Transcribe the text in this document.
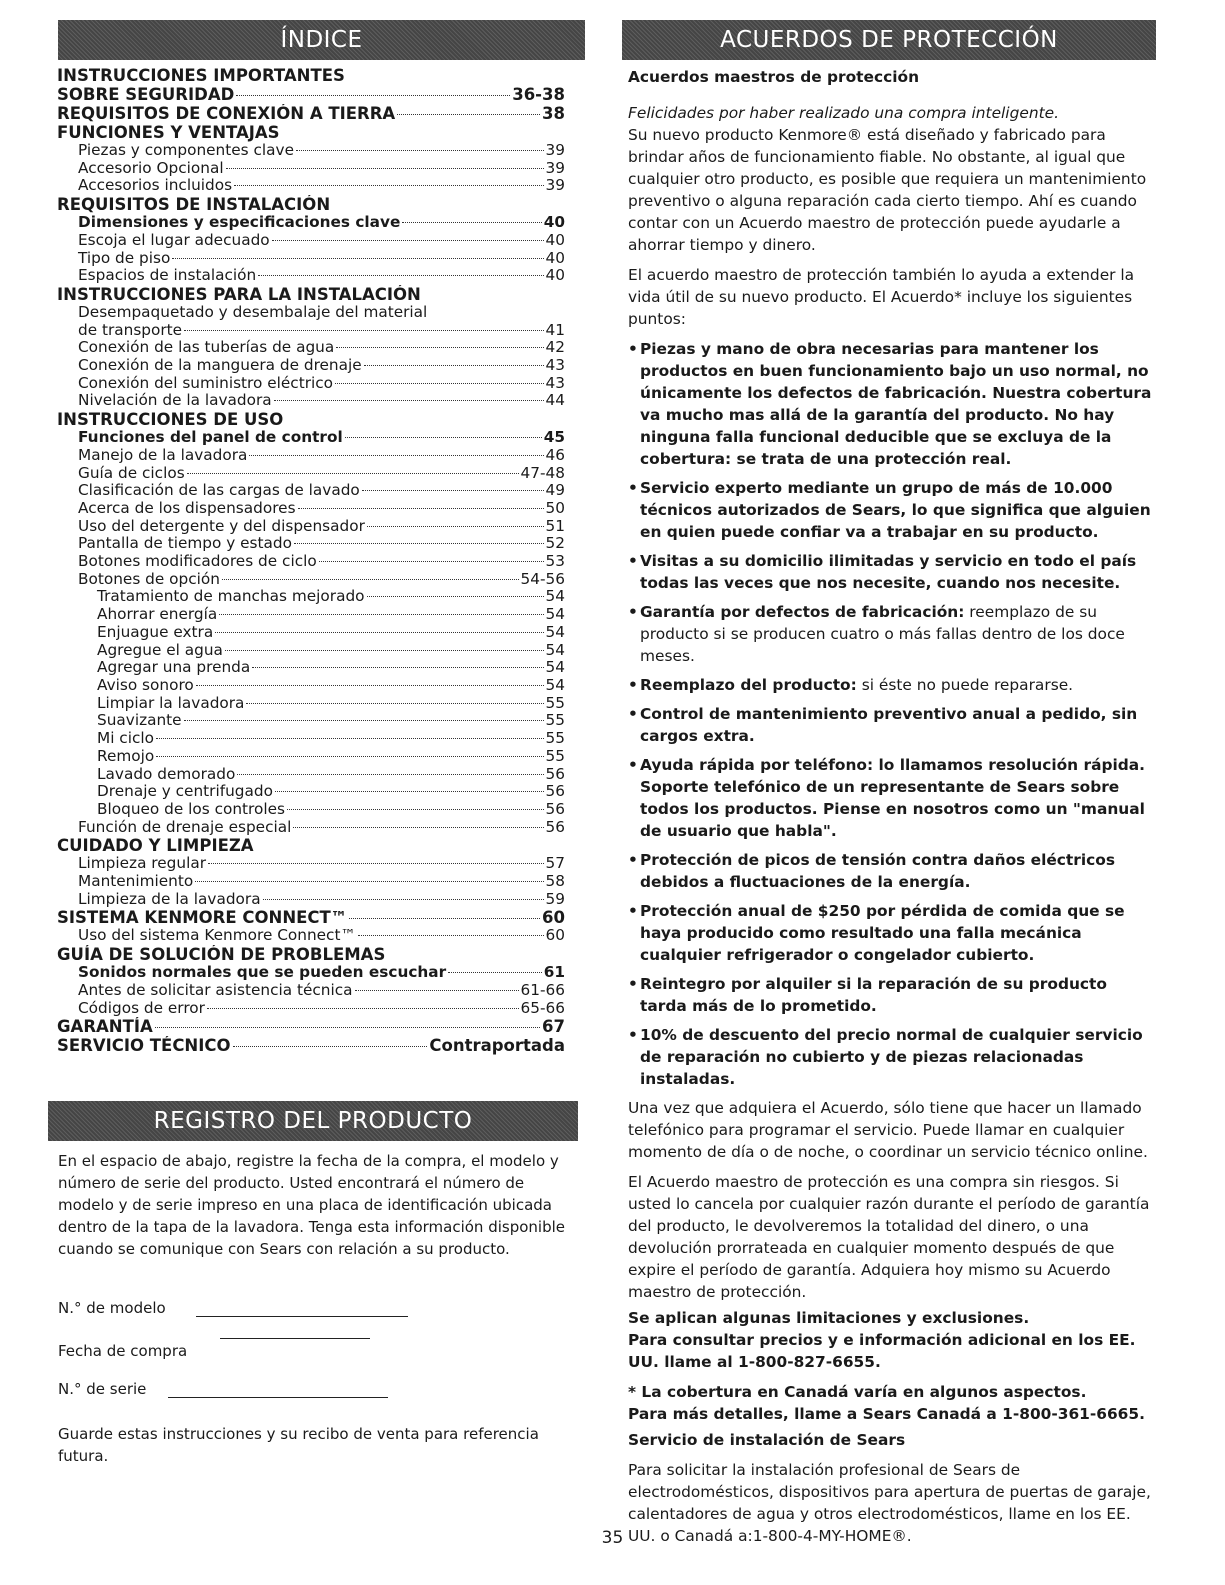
ÍNDICE
INSTRUCCIONES IMPORTANTES
SOBRE SEGURIDAD	36-38
REQUISITOS DE CONEXIÓN A TIERRA	38
FUNCIONES Y VENTAJAS
Piezas y componentes clave	39
Accesorio Opcional	39
Accesorios incluidos	39
REQUISITOS DE INSTALACIÓN
Dimensiones y especificaciones clave	40
Escoja el lugar adecuado	40
Tipo de piso	40
Espacios de instalación	40
INSTRUCCIONES PARA LA INSTALACIÓN
Desempaquetado y desembalaje del material
de transporte	41
Conexión de las tuberías de agua	42
Conexión de la manguera de drenaje	43
Conexión del suministro eléctrico	43
Nivelación de la lavadora	44
INSTRUCCIONES DE USO
Funciones del panel de control	45
Manejo de la lavadora	46
Guía de ciclos	47-48
Clasificación de las cargas de lavado	49
Acerca de los dispensadores	50
Uso del detergente y del dispensador	51
Pantalla de tiempo y estado	52
Botones modificadores de ciclo	53
Botones de opción	54-56
Tratamiento de manchas mejorado	54
Ahorrar energía	54
Enjuague extra	54
Agregue el agua	54
Agregar una prenda	54
Aviso sonoro	54
Limpiar la lavadora	55
Suavizante	55
Mi ciclo	55
Remojo	55
Lavado demorado	56
Drenaje y centrifugado	56
Bloqueo de los controles	56
Función de drenaje especial	56
CUIDADO Y LIMPIEZA
Limpieza regular	57
Mantenimiento	58
Limpieza de la lavadora	59
SISTEMA KENMORE CONNECT™	60
Uso del sistema Kenmore Connect™	60
GUÍA DE SOLUCIÓN DE PROBLEMAS
Sonidos normales que se pueden escuchar	61
Antes de solicitar asistencia técnica	61-66
Códigos de error	65-66
GARANTÍA	67
SERVICIO TÉCNICO	Contraportada
REGISTRO DEL PRODUCTO

En el espacio de abajo, registre la fecha de la compra, el modelo y número de serie del producto. Usted encontrará el número de modelo y de serie impreso en una placa de identificación ubicada dentro de la tapa de la lavadora. Tenga esta información disponible cuando se comunique con Sears con relación a su producto.

N.° de modelo
Fecha de compra
N.° de serie

Guarde estas instrucciones y su recibo de venta para referencia futura.

ACUERDOS DE PROTECCIÓN

Acuerdos maestros de protección

Felicidades por haber realizado una compra inteligente.

Su nuevo producto Kenmore® está diseñado y fabricado para brindar años de funcionamiento fiable. No obstante, al igual que cualquier otro producto, es posible que requiera un mantenimiento preventivo o alguna reparación cada cierto tiempo. Ahí es cuando contar con un Acuerdo maestro de protección puede ayudarle a ahorrar tiempo y dinero.

El acuerdo maestro de protección también lo ayuda a extender la vida útil de su nuevo producto. El Acuerdo* incluye los siguientes puntos:

• Piezas y mano de obra necesarias para mantener los productos en buen funcionamiento bajo un uso normal, no únicamente los defectos de fabricación. Nuestra cobertura va mucho mas allá de la garantía del producto. No hay ninguna falla funcional deducible que se excluya de la cobertura: se trata de una protección real.

• Servicio experto mediante un grupo de más de 10.000 técnicos autorizados de Sears, lo que significa que alguien en quien puede confiar va a trabajar en su producto.

• Visitas a su domicilio ilimitadas y servicio en todo el país todas las veces que nos necesite, cuando nos necesite.

• Garantía por defectos de fabricación: reemplazo de su producto si se producen cuatro o más fallas dentro de los doce meses.

• Reemplazo del producto: si éste no puede repararse.

• Control de mantenimiento preventivo anual a pedido, sin cargos extra.

• Ayuda rápida por teléfono: lo llamamos resolución rápida. Soporte telefónico de un representante de Sears sobre todos los productos. Piense en nosotros como un "manual de usuario que habla".

• Protección de picos de tensión contra daños eléctricos debidos a fluctuaciones de la energía.

• Protección anual de $250 por pérdida de comida que se haya producido como resultado una falla mecánica cualquier refrigerador o congelador cubierto.

• Reintegro por alquiler si la reparación de su producto tarda más de lo prometido.

• 10% de descuento del precio normal de cualquier servicio de reparación no cubierto y de piezas relacionadas instaladas.

Una vez que adquiera el Acuerdo, sólo tiene que hacer un llamado telefónico para programar el servicio. Puede llamar en cualquier momento de día o de noche, o coordinar un servicio técnico online.

El Acuerdo maestro de protección es una compra sin riesgos. Si usted lo cancela por cualquier razón durante el período de garantía del producto, le devolveremos la totalidad del dinero, o una devolución prorrateada en cualquier momento después de que expire el período de garantía. Adquiera hoy mismo su Acuerdo maestro de protección.

Se aplican algunas limitaciones y exclusiones.

Para consultar precios y e información adicional en los EE. UU. llame al 1-800-827-6655.

* La cobertura en Canadá varía en algunos aspectos.

Para más detalles, llame a Sears Canadá a 1-800-361-6665.

Servicio de instalación de Sears

Para solicitar la instalación profesional de Sears de electrodomésticos, dispositivos para apertura de puertas de garaje, calentadores de agua y otros electrodomésticos, llame en los EE. UU. o Canadá a:1-800-4-MY-HOME®.

35
